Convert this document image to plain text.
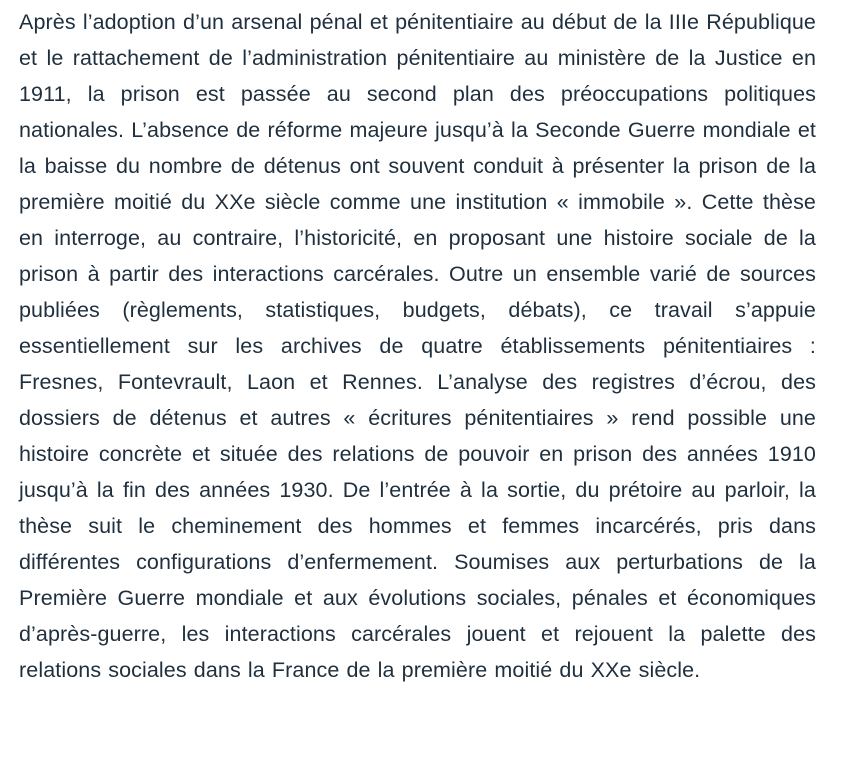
Après l’adoption d’un arsenal pénal et pénitentiaire au début de la IIIe République et le rattachement de l’administration pénitentiaire au ministère de la Justice en 1911, la prison est passée au second plan des préoccupations politiques nationales. L’absence de réforme majeure jusqu’à la Seconde Guerre mondiale et la baisse du nombre de détenus ont souvent conduit à présenter la prison de la première moitié du XXe siècle comme une institution « immobile ». Cette thèse en interroge, au contraire, l’historicité, en proposant une histoire sociale de la prison à partir des interactions carcérales. Outre un ensemble varié de sources publiées (règlements, statistiques, budgets, débats), ce travail s’appuie essentiellement sur les archives de quatre établissements pénitentiaires : Fresnes, Fontevrault, Laon et Rennes. L’analyse des registres d’écrou, des dossiers de détenus et autres « écritures pénitentiaires » rend possible une histoire concrète et située des relations de pouvoir en prison des années 1910 jusqu’à la fin des années 1930. De l’entrée à la sortie, du prétoire au parloir, la thèse suit le cheminement des hommes et femmes incarcérés, pris dans différentes configurations d’enfermement. Soumises aux perturbations de la Première Guerre mondiale et aux évolutions sociales, pénales et économiques d’après-guerre, les interactions carcérales jouent et rejouent la palette des relations sociales dans la France de la première moitié du XXe siècle.
